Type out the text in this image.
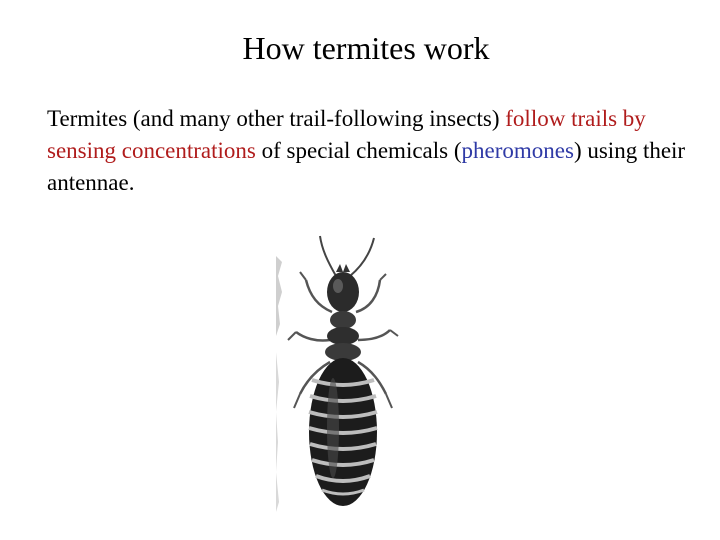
How termites work

Termites (and many other trail-following insects) follow trails by sensing concentrations of special chemicals (pheromones) using their antennae.
